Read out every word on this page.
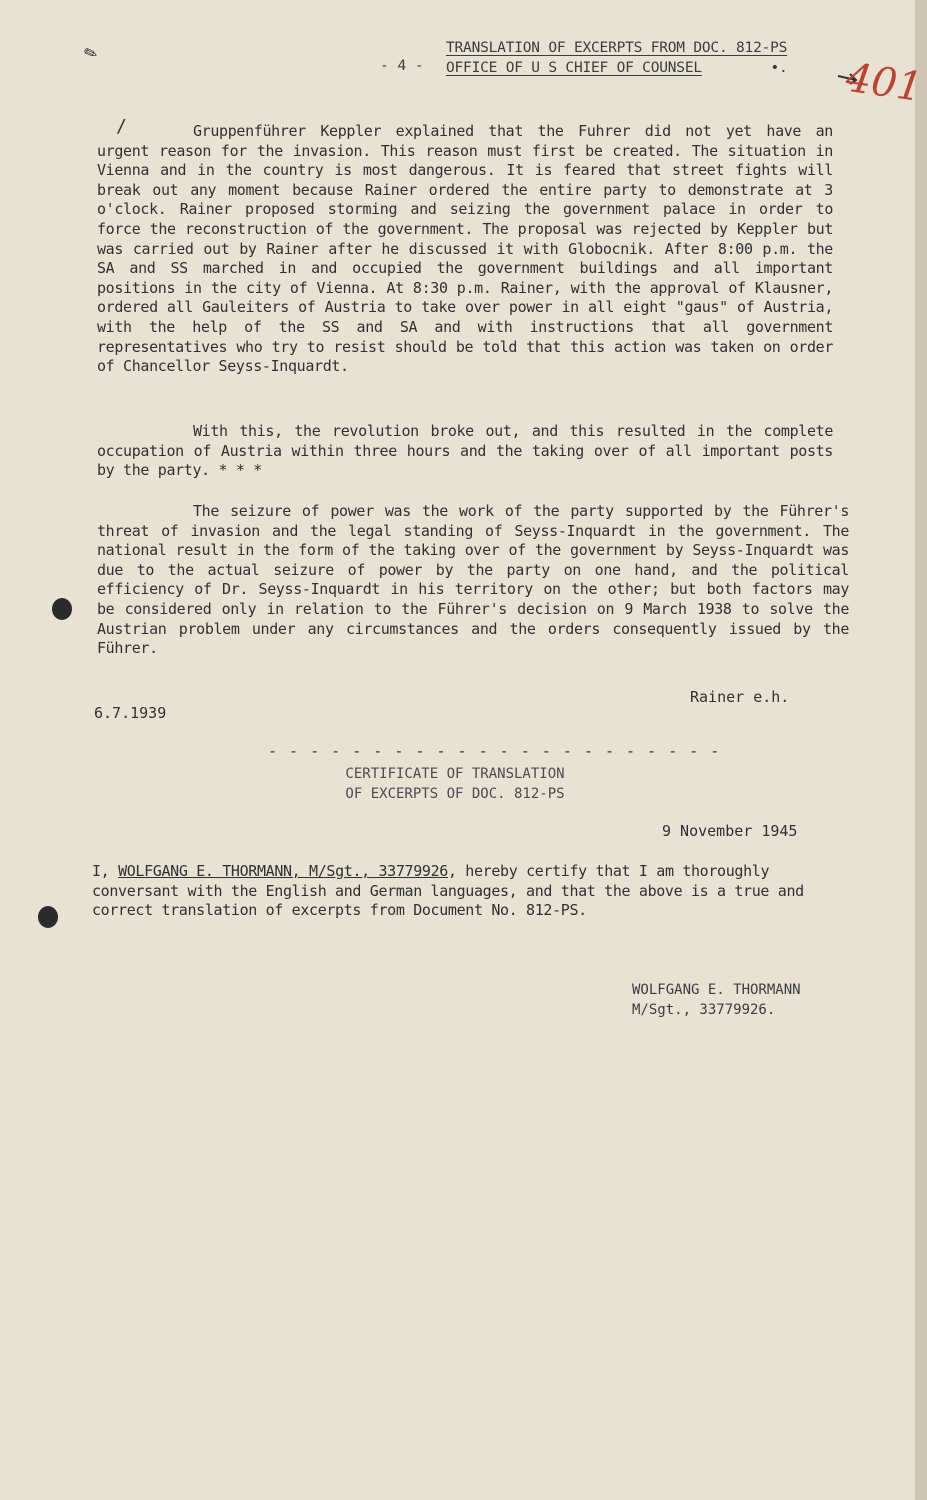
✎
- 4 -
TRANSLATION OF EXCERPTS FROM DOC. 812-PS
OFFICE OF U S CHIEF OF COUNSEL	•. 401
/	Gruppenführer Keppler explained that the Fuhrer did not yet have an urgent reason for the invasion. This reason must first be created. The situation in Vienna and in the country is most dangerous. It is feared that street fights will break out any moment because Rainer ordered the entire party to demonstrate at 3 o'clock. Rainer proposed storming and seizing the government palace in order to force the reconstruction of the government. The proposal was rejected by Keppler but was carried out by Rainer after he discussed it with Globocnik. After 8:00 p.m. the SA and SS marched in and occupied the government buildings and all important positions in the city of Vienna. At 8:30 p.m. Rainer, with the approval of Klausner, ordered all Gauleiters of Austria to take over power in all eight "gaus" of Austria, with the help of the SS and SA and with instructions that all government representatives who try to resist should be told that this action was taken on order of Chancellor Seyss-Inquardt.

With this, the revolution broke out, and this resulted in the complete occupation of Austria within three hours and the taking over of all important posts by the party. * * *

The seizure of power was the work of the party supported by the Führer's threat of invasion and the legal standing of Seyss-Inquardt in the government. The national result in the form of the taking over of the government by Seyss-Inquardt was due to the actual seizure of power by the party on one hand, and the political efficiency of Dr. Seyss-Inquardt in his territory on the other; but both factors may be considered only in relation to the Führer's decision on 9 March 1938 to solve the Austrian problem under any circumstances and the orders consequently issued by the Führer.

Rainer e.h.
6.7.1939
- - - - - - - - - - - - - - - - - - - - - -
CERTIFICATE OF TRANSLATION
OF EXCERPTS OF DOC. 812-PS
9 November 1945
I, WOLFGANG E. THORMANN, M/Sgt., 33779926, hereby certify that I am thoroughly conversant with the English and German languages, and that the above is a true and correct translation of excerpts from Document No. 812-PS.
WOLFGANG E. THORMANN
M/Sgt., 33779926.
